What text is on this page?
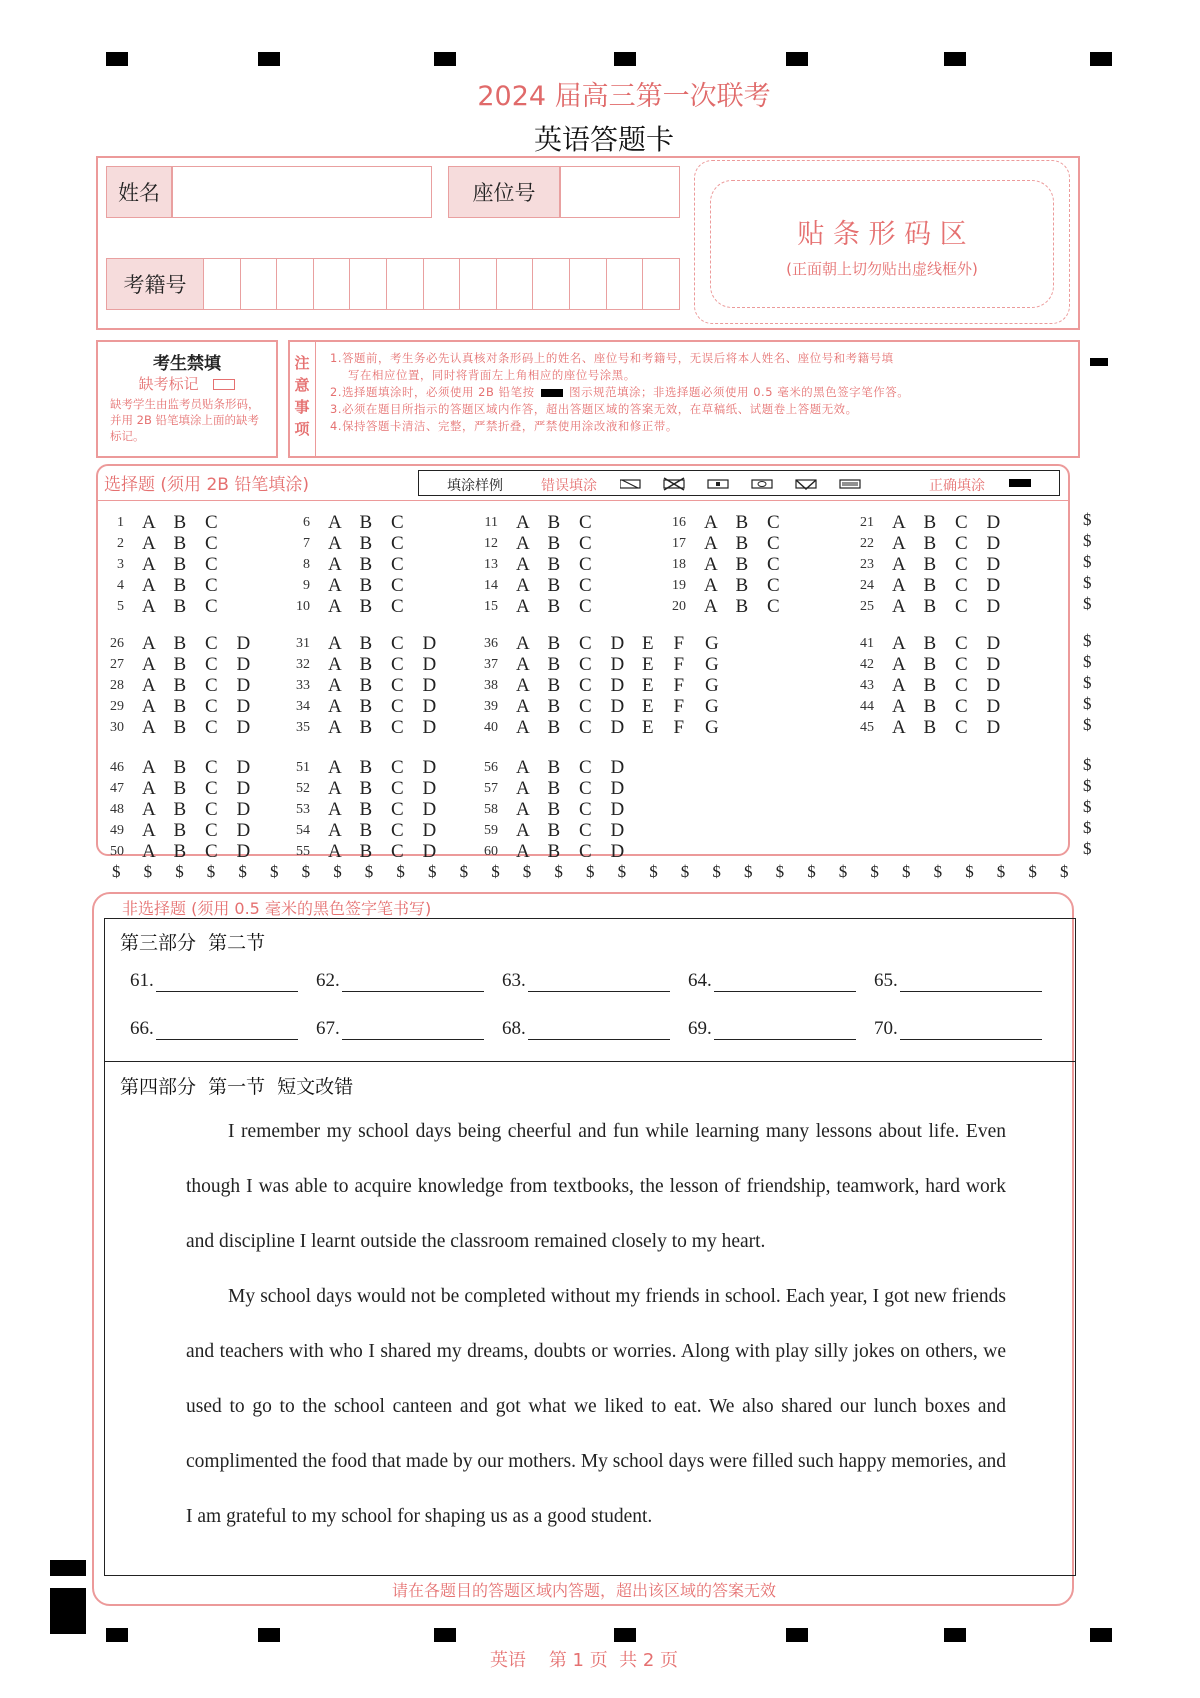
2024 届高三第一次联考
英语答题卡
姓名	座位号
考籍号
贴 条 形 码 区
(正面朝上切勿贴出虚线框外)
考生禁填
缺考标记
缺考学生由监考员贴条形码，并用 2B 铅笔填涂上面的缺考标记。
注
意
事
项
1.答题前，考生务必先认真核对条形码上的姓名、座位号和考籍号，无误后将本人姓名、座位号和考籍号填
写在相应位置，同时将背面左上角相应的座位号涂黑。
2.选择题填涂时，必须使用 2B 铅笔按	图示规范填涂；非选择题必须使用 0.5 毫米的黑色签字笔作答。
3.必须在题目所指示的答题区域内作答，超出答题区域的答案无效，在草稿纸、试题卷上答题无效。
4.保持答题卡清洁、完整，严禁折叠，严禁使用涂改液和修正带。
选择题 (须用 2B 铅笔填涂)	填涂样例	错误填涂	正确填涂
1 A B C
2 A B C
3 A B C
4 A B C
5 A B C
6 A B C
7 A B C
8 A B C
9 A B C
10 A B C
11 A B C
12 A B C
13 A B C
14 A B C
15 A B C
16 A B C
17 A B C
18 A B C
19 A B C
20 A B C
21 A B C D
22 A B C D
23 A B C D
24 A B C D
25 A B C D
26 A B C D
27 A B C D
28 A B C D
29 A B C D
30 A B C D
31 A B C D
32 A B C D
33 A B C D
34 A B C D
35 A B C D
36 A B C D E F G
37 A B C D E F G
38 A B C D E F G
39 A B C D E F G
40 A B C D E F G
41 A B C D
42 A B C D
43 A B C D
44 A B C D
45 A B C D
46 A B C D
47 A B C D
48 A B C D
49 A B C D
50 A B C D
51 A B C D
52 A B C D
53 A B C D
54 A B C D
55 A B C D
56 A B C D
57 A B C D
58 A B C D
59 A B C D
60 A B C D
$
$
$
$
$
$
$
$
$
$
$
$
$
$
$
$ $ $ $ $ $ $ $ $ $ $ $ $ $ $ $ $ $ $ $ $ $ $ $ $ $ $ $ $ $ $
非选择题 (须用 0.5 毫米的黑色签字笔书写)
第三部分  第二节
61.	62.	63.	64.	65.
66.	67.	68.	69.	70.
第四部分  第一节  短文改错
I remember my school days being cheerful and fun while learning many lessons about life. Even though I was able to acquire knowledge from textbooks, the lesson of friendship, teamwork, hard work and discipline I learnt outside the classroom remained closely to my heart.
My school days would not be completed without my friends in school. Each year, I got new friends and teachers with who I shared my dreams, doubts or worries. Along with play silly jokes on others, we used to go to the school canteen and got what we liked to eat. We also shared our lunch boxes and complimented the food that made by our mothers. My school days were filled such happy memories, and I am grateful to my school for shaping us as a good student.
请在各题目的答题区域内答题，超出该区域的答案无效
英语    第 1 页  共 2 页
